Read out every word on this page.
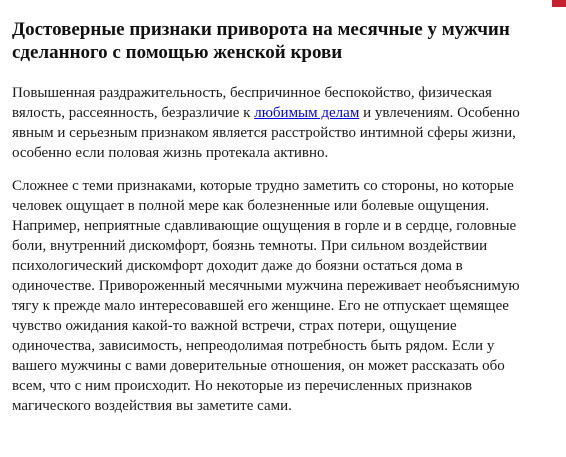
Достоверные признаки приворота на месячные у мужчин сделанного с помощью женской крови

Повышенная раздражительность, беспричинное беспокойство, физическая вялость, рассеянность, безразличие к любимым делам и увлечениям. Особенно явным и серьезным признаком является расстройство интимной сферы жизни, особенно если половая жизнь протекала активно.

Сложнее с теми признаками, которые трудно заметить со стороны, но которые человек ощущает в полной мере как болезненные или болевые ощущения. Например, неприятные сдавливающие ощущения в горле и в сердце, головные боли, внутренний дискомфорт, боязнь темноты. При сильном воздействии психологический дискомфорт доходит даже до боязни остаться дома в одиночестве. Привороженный месячными мужчина переживает необъяснимую тягу к прежде мало интересовавшей его женщине. Его не отпускает щемящее чувство ожидания какой-то важной встречи, страх потери, ощущение одиночества, зависимость, непреодолимая потребность быть рядом. Если у вашего мужчины с вами доверительные отношения, он может рассказать обо всем, что с ним происходит. Но некоторые из перечисленных признаков магического воздействия вы заметите сами.
